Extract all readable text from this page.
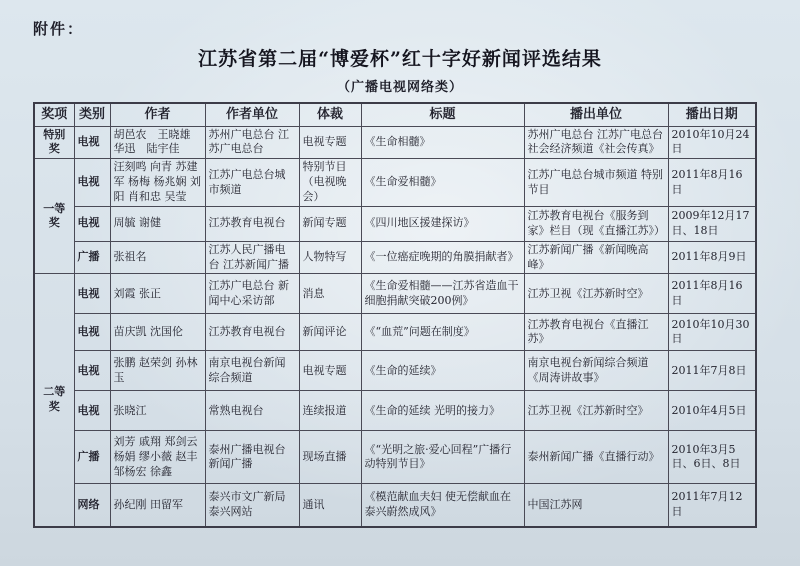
附件：
江苏省第二届“博爱杯”红十字好新闻评选结果
（广播电视网络类）
奖项	类别	作者	作者单位	体裁	标题	播出单位	播出日期
特别奖	电视	胡邑农　王晓雄 华迅　陆宇佳	苏州广电总台 江苏广电总台	电视专题	《生命相髓》	苏州广电总台 江苏广电总台 社会经济频道《社会传真》	2010年10月24日
一等奖	电视	汪刻鸣 向青 苏建军 杨梅 杨兆娴 刘阳 肖和忠 吴莹	江苏广电总台城市频道	特别节目（电视晚会）	《生命爱相髓》	江苏广电总台城市频道 特别节目	2011年8月16日
	电视	周毓 谢健	江苏教育电视台	新闻专题	《四川地区援建探访》	江苏教育电视台《服务到家》栏目（现《直播江苏》）	2009年12月17日、18日
	广播	张祖名	江苏人民广播电台 江苏新闻广播	人物特写	《一位癌症晚期的角膜捐献者》	江苏新闻广播《新闻晚高峰》	2011年8月9日
二等奖	电视	刘霞 张正	江苏广电总台 新闻中心采访部	消息	《生命爱相髓——江苏省造血干细胞捐献突破200例》	江苏卫视《江苏新时空》	2011年8月16日
	电视	苗庆凯 沈国伦	江苏教育电视台	新闻评论	《“血荒”问题在制度》	江苏教育电视台《直播江苏》	2010年10月30日
	电视	张鹏 赵荣剑 孙林玉	南京电视台新闻综合频道	电视专题	《生命的延续》	南京电视台新闻综合频道《周涛讲故事》	2011年7月8日
	电视	张晓江	常熟电视台	连续报道	《生命的延续 光明的接力》	江苏卫视《江苏新时空》	2010年4月5日
	广播	刘芳 戚翔 郑剑云 杨娟 缪小薇 赵丰 邹杨宏 徐鑫	泰州广播电视台新闻广播	现场直播	《“光明之旅·爱心回程”广播行动特别节目》	泰州新闻广播《直播行动》	2010年3月5日、6日、8日
	网络	孙纪刚 田留军	泰兴市文广新局 泰兴网站	通讯	《模范献血夫妇 使无偿献血在泰兴蔚然成风》	中国江苏网	2011年7月12日
